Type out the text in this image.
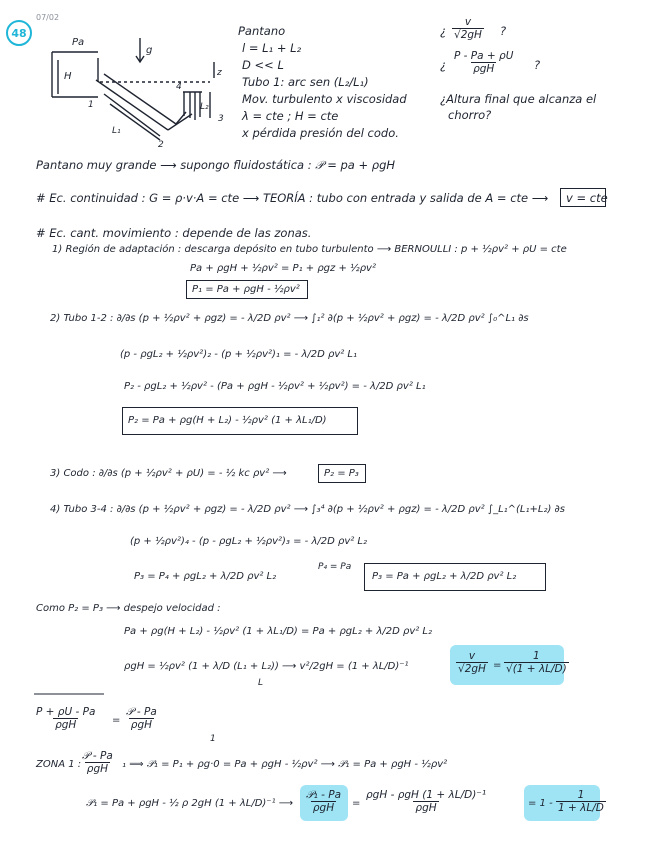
48
07/02
Pa
g
H	z
1
2
3
4
L₁
L₂
Pantano
l = L₁ + L₂
D << L
Tubo 1: arc sen (L₂/L₁)
Mov. turbulento x viscosidad
λ = cte ; H = cte
x pérdida presión del codo.
¿ $\frac{v}{√2gH}$ ?
¿
P - Pa + ρU
ρgH	?
¿Altura final que alcanza el
chorro?
Pantano muy grande ⟶ supongo fluidostática : 𝒫 = pa + ρgH
# Ec. continuidad : G = ρ·v·A = cte ⟶ TEORÍA : tubo con entrada y salida de A = cte ⟶ v = cte
# Ec. cant. movimiento : depende de las zonas.
1) Región de adaptación : descarga depósito en tubo turbulento ⟶ BERNOULLI : p + ½ρv² + ρU = cte
Pa + ρgH + ½ρv² = P₁ + ρgz + ½ρv²
P₁ = Pa + ρgH - ½ρv²
2) Tubo 1-2 : ∂/∂s (p + ½ρv² + ρgz) = - λ/2D ρv² ⟶ ∫₁² ∂(p + ½ρv² + ρgz) = - λ/2D ρv² ∫₀^L₁ ∂s
(p - ρgL₂ + ½ρv²)₂ - (p + ½ρv²)₁ = - λ/2D ρv² L₁
P₂ - ρgL₂ + ½ρv² - (Pa + ρgH - ½ρv² + ½ρv²) = - λ/2D ρv² L₁
P₂ = Pa + ρg(H + L₂) - ½ρv² (1 + λL₁/D)
3) Codo : ∂/∂s (p + ½ρv² + ρU) = - ½ kc ρv² ⟶	P₂ = P₃
4) Tubo 3-4 : ∂/∂s (p + ½ρv² + ρgz) = - λ/2D ρv² ⟶ ∫₃⁴ ∂(p + ½ρv² + ρgz) = - λ/2D ρv² ∫_L₁^(L₁+L₂) ∂s
(p + ½ρv²)₄ - (p - ρgL₂ + ½ρv²)₃ = - λ/2D ρv² L₂
P₃ = P₄ + ρgL₂ + λ/2D ρv² L₂
P₄ = Pa
P₃ = Pa + ρgL₂ + λ/2D ρv² L₂
Como P₂ = P₃ ⟶ despejo velocidad :
Pa + ρg(H + L₂) - ½ρv² (1 + λL₁/D) = Pa + ρgL₂ + λ/2D ρv² L₂
ρgH = ½ρv² (1 + λ/D (L₁ + L₂)) ⟶ v²/2gH = (1 + λL/D)⁻¹
L
$\frac{v}{√2gH} = \frac{1}{√(1 + \lambda L/D)}$
P + ρU - Pa
ρgH	=
𝒫 - Pa
ρgH
ZONA 1 :
𝒫 - Pa
ρgH
1
₁ ⟹ 𝒫₁ = P₁ + ρg·0 = Pa + ρgH - ½ρv² ⟶ 𝒫₁ = Pa + ρgH - ½ρv²
𝒫₁ = Pa + ρgH - ½ ρ 2gH (1 + λL/D)⁻¹ ⟶
𝒫₁ - Pa
ρgH =
ρgH - ρgH (1 + λL/D)⁻¹
ρgH	= $1 - \frac{1}{1 + \lambda L/D}$
